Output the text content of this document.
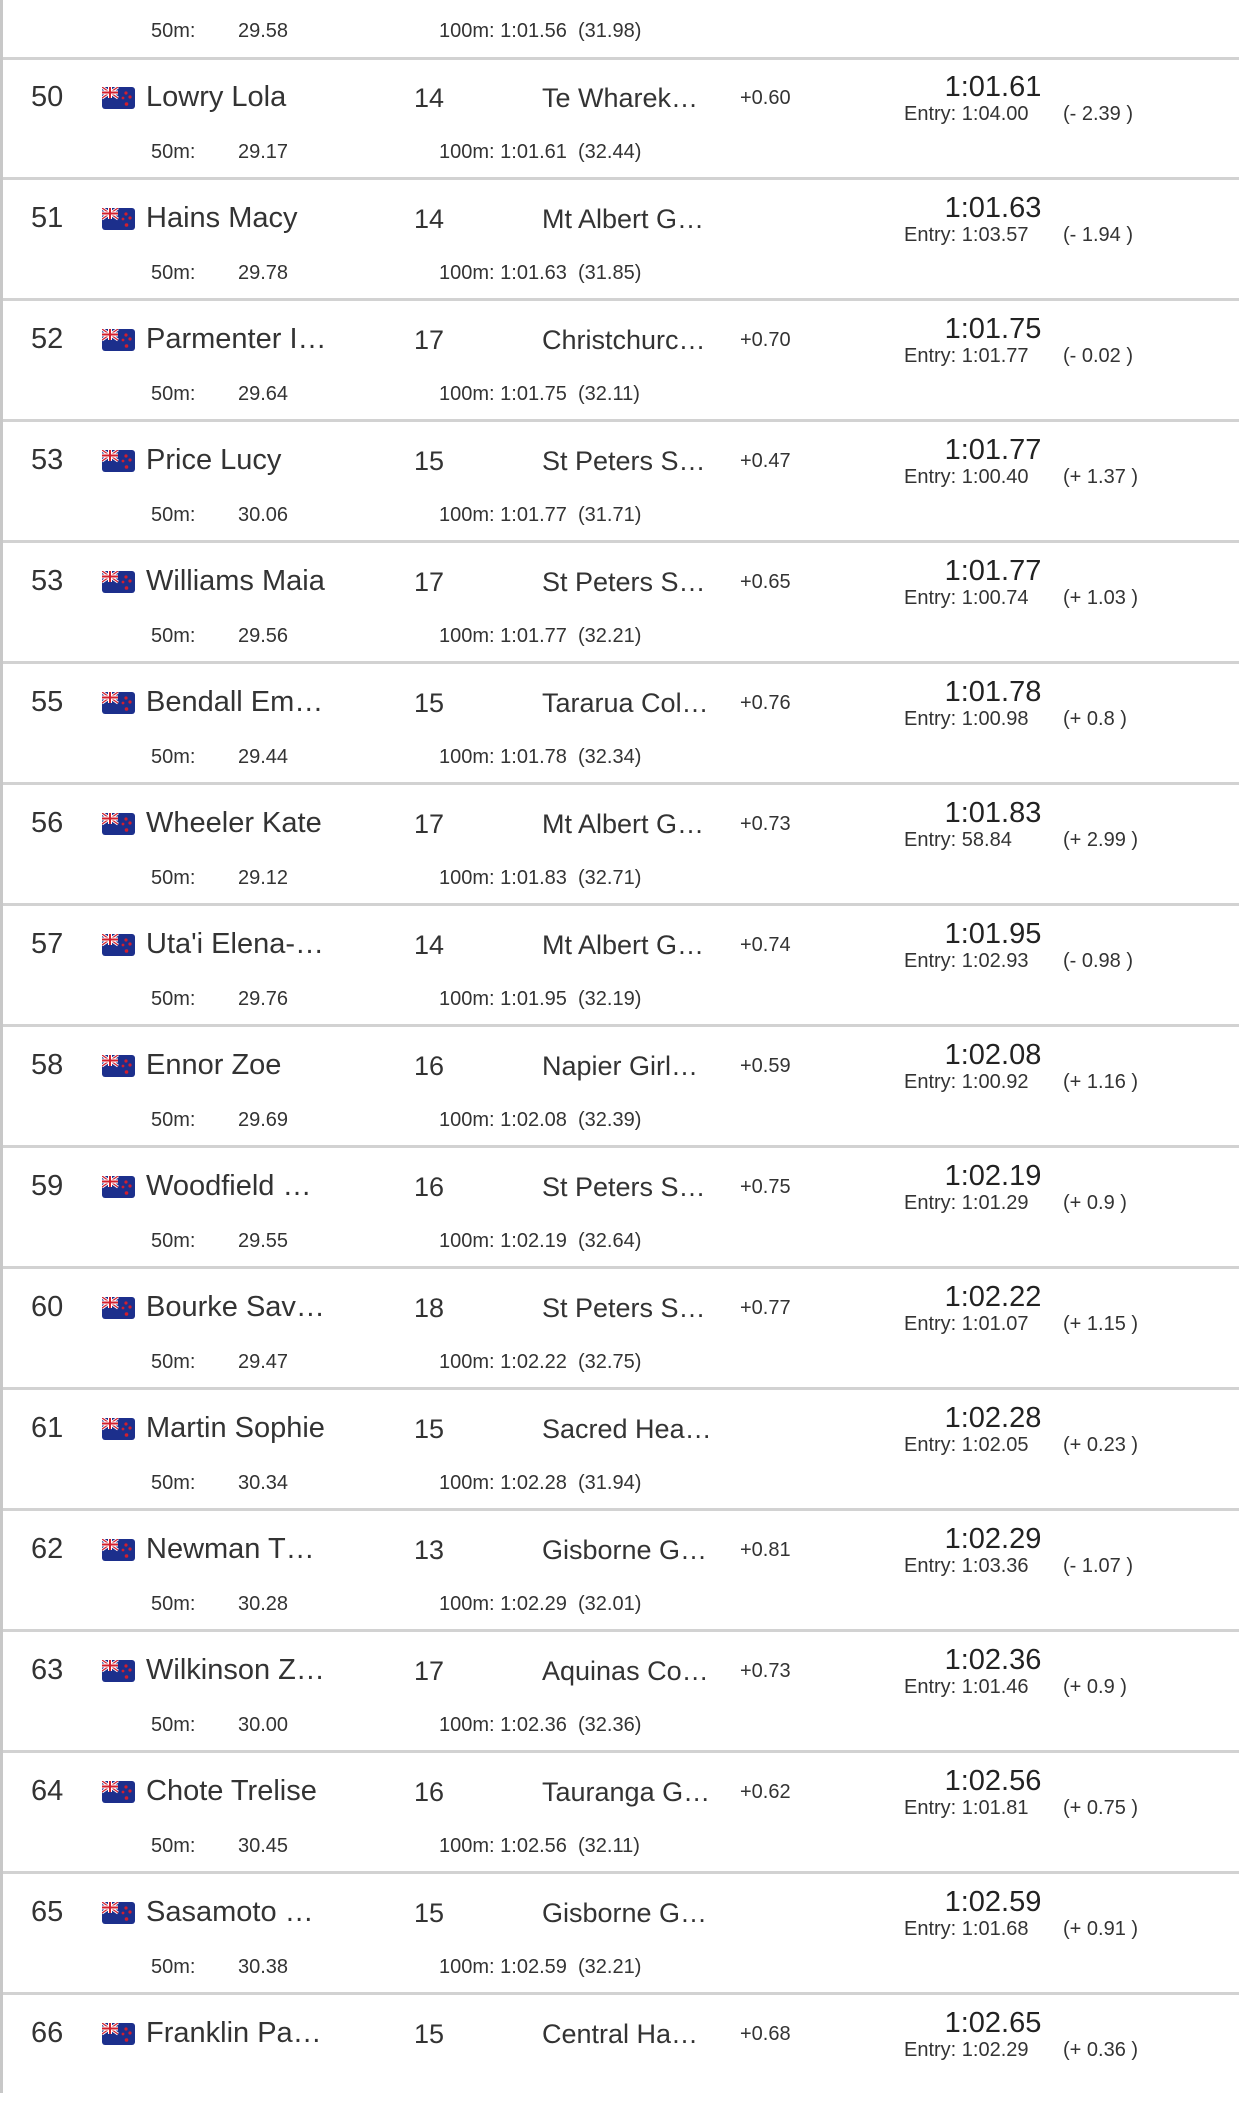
50m: 29.58	100m: 1:01.56  (31.98)
50	Lowry Lola	14	Te Wharek… +0.60	1:01.61
Entry: 1:04.00 (- 2.39 )
50m: 29.17	100m: 1:01.61  (32.44)
51	Hains Macy	14	Mt Albert G…	1:01.63
Entry: 1:03.57 (- 1.94 )
50m: 29.78	100m: 1:01.63  (31.85)
52	Parmenter I…	17	Christchurc… +0.70	1:01.75
Entry: 1:01.77 (- 0.02 )
50m: 29.64	100m: 1:01.75  (32.11)
53	Price Lucy	15	St Peters S… +0.47	1:01.77
Entry: 1:00.40 (+ 1.37 )
50m: 30.06	100m: 1:01.77  (31.71)
53	Williams Maia	17	St Peters S… +0.65	1:01.77
Entry: 1:00.74 (+ 1.03 )
50m: 29.56	100m: 1:01.77  (32.21)
55	Bendall Em…	15	Tararua Col… +0.76	1:01.78
Entry: 1:00.98 (+ 0.8 )
50m: 29.44	100m: 1:01.78  (32.34)
56	Wheeler Kate	17	Mt Albert G… +0.73	1:01.83
Entry: 58.84	(+ 2.99 )
50m: 29.12	100m: 1:01.83  (32.71)
57	Uta'i Elena-…	14	Mt Albert G… +0.74	1:01.95
Entry: 1:02.93 (- 0.98 )
50m: 29.76	100m: 1:01.95  (32.19)
58	Ennor Zoe	16	Napier Girl… +0.59	1:02.08
Entry: 1:00.92 (+ 1.16 )
50m: 29.69	100m: 1:02.08  (32.39)
59	Woodfield …	16	St Peters S… +0.75	1:02.19
Entry: 1:01.29 (+ 0.9 )
50m: 29.55	100m: 1:02.19  (32.64)
60	Bourke Sav…	18	St Peters S… +0.77	1:02.22
Entry: 1:01.07 (+ 1.15 )
50m: 29.47	100m: 1:02.22  (32.75)
61	Martin Sophie	15	Sacred Hea…	1:02.28
Entry: 1:02.05 (+ 0.23 )
50m: 30.34	100m: 1:02.28  (31.94)
62	Newman T…	13	Gisborne G… +0.81	1:02.29
Entry: 1:03.36 (- 1.07 )
50m: 30.28	100m: 1:02.29  (32.01)
63	Wilkinson Z…	17	Aquinas Co… +0.73	1:02.36
Entry: 1:01.46 (+ 0.9 )
50m: 30.00	100m: 1:02.36  (32.36)
64	Chote Trelise	16	Tauranga G… +0.62	1:02.56
Entry: 1:01.81 (+ 0.75 )
50m: 30.45	100m: 1:02.56  (32.11)
65	Sasamoto …	15	Gisborne G…	1:02.59
Entry: 1:01.68 (+ 0.91 )
50m: 30.38	100m: 1:02.59  (32.21)
66	Franklin Pa…	15	Central Ha… +0.68	1:02.65
Entry: 1:02.29 (+ 0.36 )
